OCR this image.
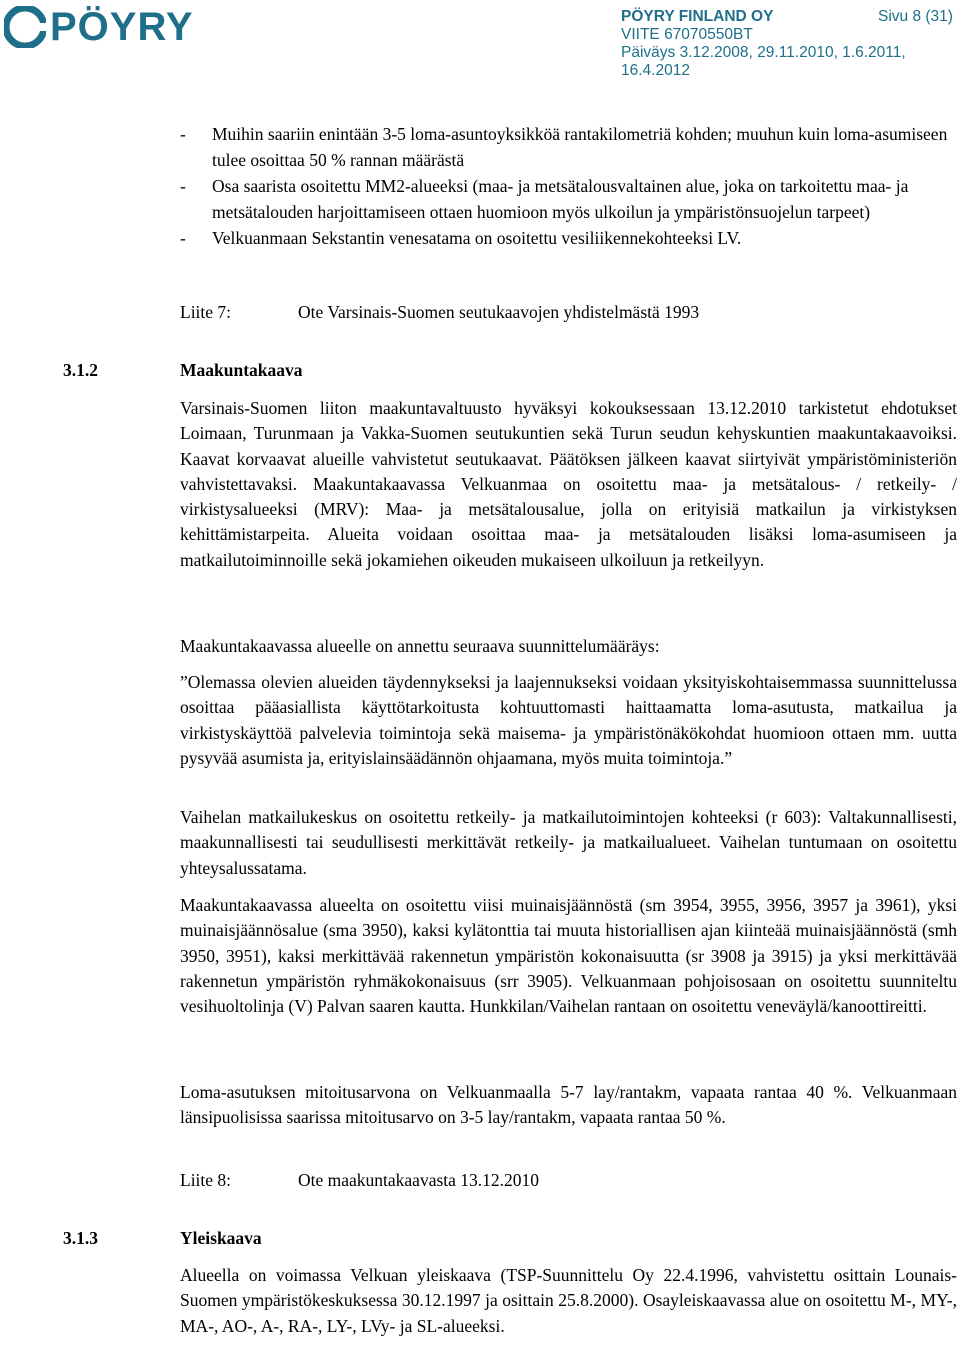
PÖYRY	PÖYRY FINLAND OY
VIITE 67070550BT
Päiväys 3.12.2008, 29.11.2010, 1.6.2011,
16.4.2012
Sivu 8 (31)
- Muihin saariin enintään 3-5 loma-asuntoyksikköä rantakilometriä kohden; muuhun kuin loma-asumiseen tulee osoittaa 50 % rannan määrästä
- Osa saarista osoitettu MM2-alueeksi (maa- ja metsätalousvaltainen alue, joka on tarkoitettu maa- ja metsätalouden harjoittamiseen ottaen huomioon myös ulkoilun ja ympäristönsuojelun tarpeet)
- Velkuanmaan Sekstantin venesatama on osoitettu vesiliikennekohteeksi LV.
Liite 7:	Ote Varsinais-Suomen seutukaavojen yhdistelmästä 1993
3.1.2	Maakuntakaava
Varsinais-Suomen liiton maakuntavaltuusto hyväksyi kokouksessaan 13.12.2010 tarkistetut ehdotukset Loimaan, Turunmaan ja Vakka-Suomen seutukuntien sekä Turun seudun kehyskuntien maakuntakaavoiksi. Kaavat korvaavat alueille vahvistetut seutukaavat. Päätöksen jälkeen kaavat siirtyivät ympäristöministeriön vahvistettavaksi. Maakuntakaavassa Velkuanmaa on osoitettu maa- ja metsätalous- / retkeily- / virkistysalueeksi (MRV): Maa- ja metsätalousalue, jolla on erityisiä matkailun ja virkistyksen kehittämistarpeita. Alueita voidaan osoittaa maa- ja metsätalouden lisäksi loma-asumiseen ja matkailutoiminnoille sekä jokamiehen oikeuden mukaiseen ulkoiluun ja retkeilyyn.
Maakuntakaavassa alueelle on annettu seuraava suunnittelumääräys:
”Olemassa olevien alueiden täydennykseksi ja laajennukseksi voidaan yksityiskohtaisemmassa suunnittelussa osoittaa pääasiallista käyttötarkoitusta kohtuuttomasti haittaamatta loma-asutusta, matkailua ja virkistyskäyttöä palvelevia toimintoja sekä maisema- ja ympäristönäkökohdat huomioon ottaen mm. uutta pysyvää asumista ja, erityislainsäädännön ohjaamana, myös muita toimintoja.”
Vaihelan matkailukeskus on osoitettu retkeily- ja matkailutoimintojen kohteeksi (r 603): Valtakunnallisesti, maakunnallisesti tai seudullisesti merkittävät retkeily- ja matkailualueet. Vaihelan tuntumaan on osoitettu yhteysalussatama.
Maakuntakaavassa alueelta on osoitettu viisi muinaisjäännöstä (sm 3954, 3955, 3956, 3957 ja 3961), yksi muinaisjäännösalue (sma 3950), kaksi kylätonttia tai muuta historiallisen ajan kiinteää muinaisjäännöstä (smh 3950, 3951), kaksi merkittävää rakennetun ympäristön kokonaisuutta (sr 3908 ja 3915) ja yksi merkittävää rakennetun ympäristön ryhmäkokonaisuus (srr 3905). Velkuanmaan pohjoisosaan on osoitettu suunniteltu vesihuoltolinja (V) Palvan saaren kautta. Hunkkilan/Vaihelan rantaan on osoitettu veneväylä/kanoottireitti.
Loma-asutuksen mitoitusarvona on Velkuanmaalla 5-7 lay/rantakm, vapaata rantaa 40 %. Velkuanmaan länsipuolisissa saarissa mitoitusarvo on 3-5 lay/rantakm, vapaata rantaa 50 %.
Liite 8:	Ote maakuntakaavasta 13.12.2010
3.1.3	Yleiskaava
Alueella on voimassa Velkuan yleiskaava (TSP-Suunnittelu Oy 22.4.1996, vahvistettu osittain Lounais-Suomen ympäristökeskuksessa 30.12.1997 ja osittain 25.8.2000). Osayleiskaavassa alue on osoitettu M-, MY-, MA-, AO-, A-, RA-, LY-, LVy- ja SL-alueeksi.
